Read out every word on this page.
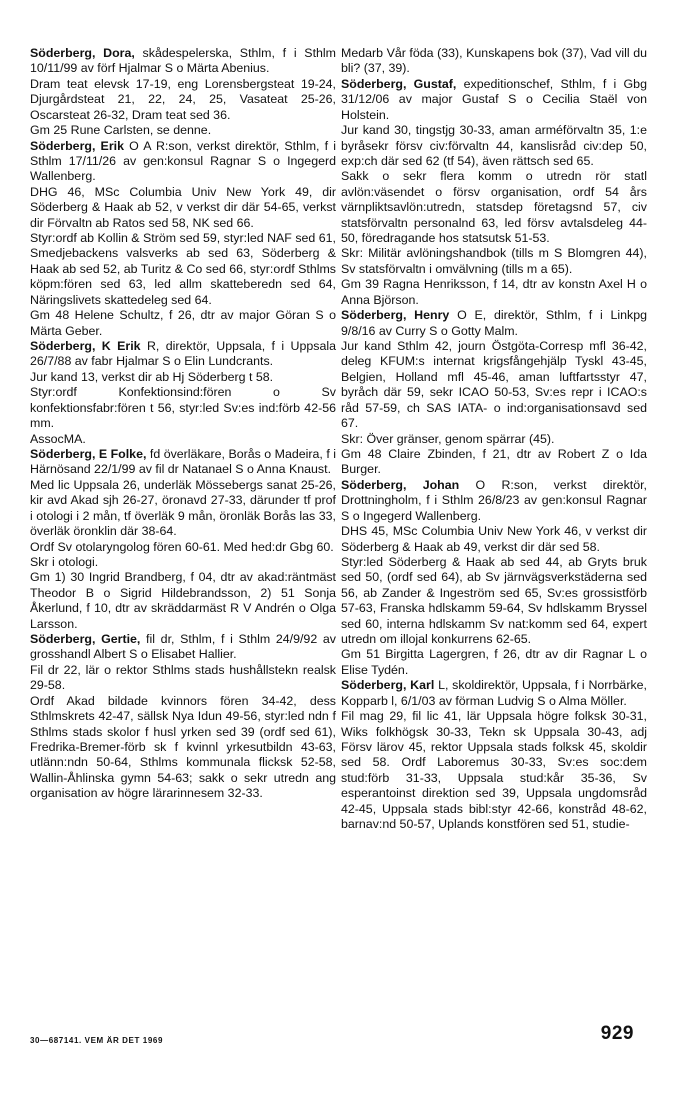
Söderberg, Dora, skådespelerska, Sthlm, f i Sthlm 10/11/99 av förf Hjalmar S o Märta Abenius.

Dram teat elevsk 17-19, eng Lorensbergsteat 19-24, Djurgårdsteat 21, 22, 24, 25, Vasateat 25-26, Oscarsteat 26-32, Dram teat sed 36.

Gm 25 Rune Carlsten, se denne.

Söderberg, Erik O A R:son, verkst direktör, Sthlm, f i Sthlm 17/11/26 av gen:konsul Ragnar S o Ingegerd Wallenberg.

DHG 46, MSc Columbia Univ New York 49, dir Söderberg & Haak ab 52, v verkst dir där 54-65, verkst dir Förvaltn ab Ratos sed 58, NK sed 66.

Styr:ordf ab Kollin & Ström sed 59, styr:led NAF sed 61, Smedjebackens valsverks ab sed 63, Söderberg & Haak ab sed 52, ab Turitz & Co sed 66, styr:ordf Sthlms köpm:fören sed 63, led allm skatteberedn sed 64, Näringslivets skattedeleg sed 64.

Gm 48 Helene Schultz, f 26, dtr av major Göran S o Märta Geber.

Söderberg, K Erik R, direktör, Uppsala, f i Uppsala 26/7/88 av fabr Hjalmar S o Elin Lundcrants.

Jur kand 13, verkst dir ab Hj Söderberg t 58.

Styr:ordf Konfektionsind:fören o Sv konfektionsfabr:fören t 56, styr:led Sv:es ind:förb 42-56 mm.

AssocMA.

Söderberg, E Folke, fd överläkare, Borås o Madeira, f i Härnösand 22/1/99 av fil dr Natanael S o Anna Knaust.

Med lic Uppsala 26, underläk Mössebergs sanat 25-26, kir avd Akad sjh 26-27, öronavd 27-33, därunder tf prof i otologi i 2 mån, tf överläk 9 mån, öronläk Borås las 33, överläk öronklin där 38-64.

Ordf Sv otolaryngolog fören 60-61. Med hed:dr Gbg 60.

Skr i otologi.

Gm 1) 30 Ingrid Brandberg, f 04, dtr av akad:räntmäst Theodor B o Sigrid Hildebrandsson, 2) 51 Sonja Åkerlund, f 10, dtr av skräddarmäst R V Andrén o Olga Larsson.

Söderberg, Gertie, fil dr, Sthlm, f i Sthlm 24/9/92 av grosshandl Albert S o Elisabet Hallier.

Fil dr 22, lär o rektor Sthlms stads hushållstekn realsk 29-58.

Ordf Akad bildade kvinnors fören 34-42, dess Sthlmskrets 42-47, sällsk Nya Idun 49-56, styr:led ndn f Sthlms stads skolor f husl yrken sed 39 (ordf sed 61), Fredrika-Bremer-förb sk f kvinnl yrkesutbildn 43-63, utlänn:ndn 50-64, Sthlms kommunala flicksk 52-58, Wallin-Åhlinska gymn 54-63; sakk o sekr utredn ang organisation av högre lärarinnesem 32-33.

Medarb Vår föda (33), Kunskapens bok (37), Vad vill du bli? (37, 39).

Söderberg, Gustaf, expeditionschef, Sthlm, f i Gbg 31/12/06 av major Gustaf S o Cecilia Staël von Holstein.

Jur kand 30, tingstjg 30-33, aman arméförvaltn 35, 1:e byråsekr försv civ:förvaltn 44, kanslisråd civ:dep 50, exp:ch där sed 62 (tf 54), även rättsch sed 65.

Sakk o sekr flera komm o utredn rör statl avlön:väsendet o försv organisation, ordf 54 års värnpliktsavlön:utredn, statsdep företagsnd 57, civ statsförvaltn personalnd 63, led försv avtalsdeleg 44-50, föredragande hos statsutsk 51-53.

Skr: Militär avlöningshandbok (tills m S Blomgren 44), Sv statsförvaltn i omvälvning (tills m a 65).

Gm 39 Ragna Henriksson, f 14, dtr av konstn Axel H o Anna Björson.

Söderberg, Henry O E, direktör, Sthlm, f i Linkpg 9/8/16 av Curry S o Gotty Malm.

Jur kand Sthlm 42, journ Östgöta-Corresp mfl 36-42, deleg KFUM:s internat krigsfångehjälp Tyskl 43-45, Belgien, Holland mfl 45-46, aman luftfartsstyr 47, byråch där 59, sekr ICAO 50-53, Sv:es repr i ICAO:s råd 57-59, ch SAS IATA- o ind:organisationsavd sed 67.

Skr: Över gränser, genom spärrar (45).

Gm 48 Claire Zbinden, f 21, dtr av Robert Z o Ida Burger.

Söderberg, Johan O R:son, verkst direktör, Drottningholm, f i Sthlm 26/8/23 av gen:konsul Ragnar S o Ingegerd Wallenberg.

DHS 45, MSc Columbia Univ New York 46, v verkst dir Söderberg & Haak ab 49, verkst dir där sed 58.

Styr:led Söderberg & Haak ab sed 44, ab Gryts bruk sed 50, (ordf sed 64), ab Sv järnvägsverkstäderna sed 56, ab Zander & Ingeström sed 65, Sv:es grossistförb 57-63, Franska hdlskamm 59-64, Sv hdlskamm Bryssel sed 60, interna hdlskamm Sv nat:komm sed 64, expert utredn om illojal konkurrens 62-65.

Gm 51 Birgitta Lagergren, f 26, dtr av dir Ragnar L o Elise Tydén.

Söderberg, Karl L, skoldirektör, Uppsala, f i Norrbärke, Kopparb l, 6/1/03 av förman Ludvig S o Alma Möller.

Fil mag 29, fil lic 41, lär Uppsala högre folksk 30-31, Wiks folkhögsk 30-33, Tekn sk Uppsala 30-43, adj Försv lärov 45, rektor Uppsala stads folksk 45, skoldir sed 58. Ordf Laboremus 30-33, Sv:es soc:dem stud:förb 31-33, Uppsala stud:kår 35-36, Sv esperantoinst direktion sed 39, Uppsala ungdomsråd 42-45, Uppsala stads bibl:styr 42-66, konstråd 48-62, barnav:nd 50-57, Uplands konstfören sed 51, studie-

30—687141. VEM ÄR DET 1969	929
